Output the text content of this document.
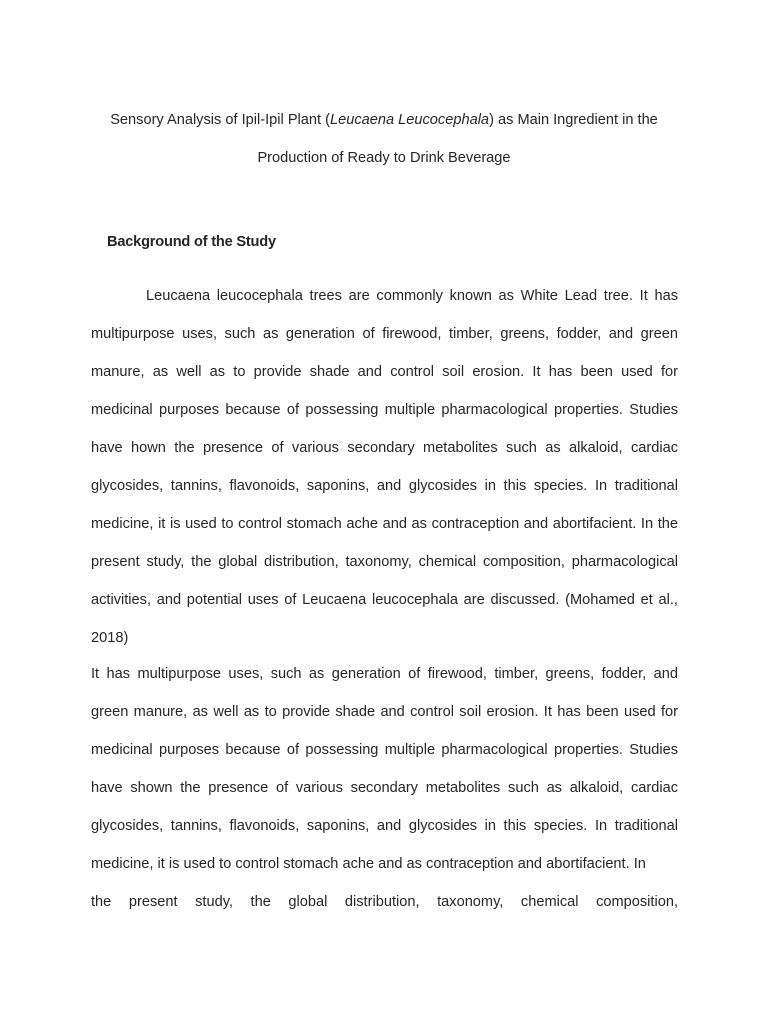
Sensory Analysis of Ipil-Ipil Plant (Leucaena Leucocephala) as Main Ingredient in the
Production of Ready to Drink Beverage
Background of the Study

Leucaena leucocephala trees are commonly known as White Lead tree. It has multipurpose uses, such as generation of firewood, timber, greens, fodder, and green manure, as well as to provide shade and control soil erosion. It has been used for medicinal purposes because of possessing multiple pharmacological properties. Studies have hown the presence of various secondary metabolites such as alkaloid, cardiac glycosides, tannins, flavonoids, saponins, and glycosides in this species. In traditional medicine, it is used to control stomach ache and as contraception and abortifacient. In the present study, the global distribution, taxonomy, chemical composition, pharmacological activities, and potential uses of Leucaena leucocephala are discussed. (Mohamed et al., 2018)

It has multipurpose uses, such as generation of firewood, timber, greens, fodder, and green manure, as well as to provide shade and control soil erosion. It has been used for medicinal purposes because of possessing multiple pharmacological properties. Studies have shown the presence of various secondary metabolites such as alkaloid, cardiac glycosides, tannins, flavonoids, saponins, and glycosides in this species. In traditional medicine, it is used to control stomach ache and as contraception and abortifacient. In
the present study, the global distribution, taxonomy, chemical composition,
